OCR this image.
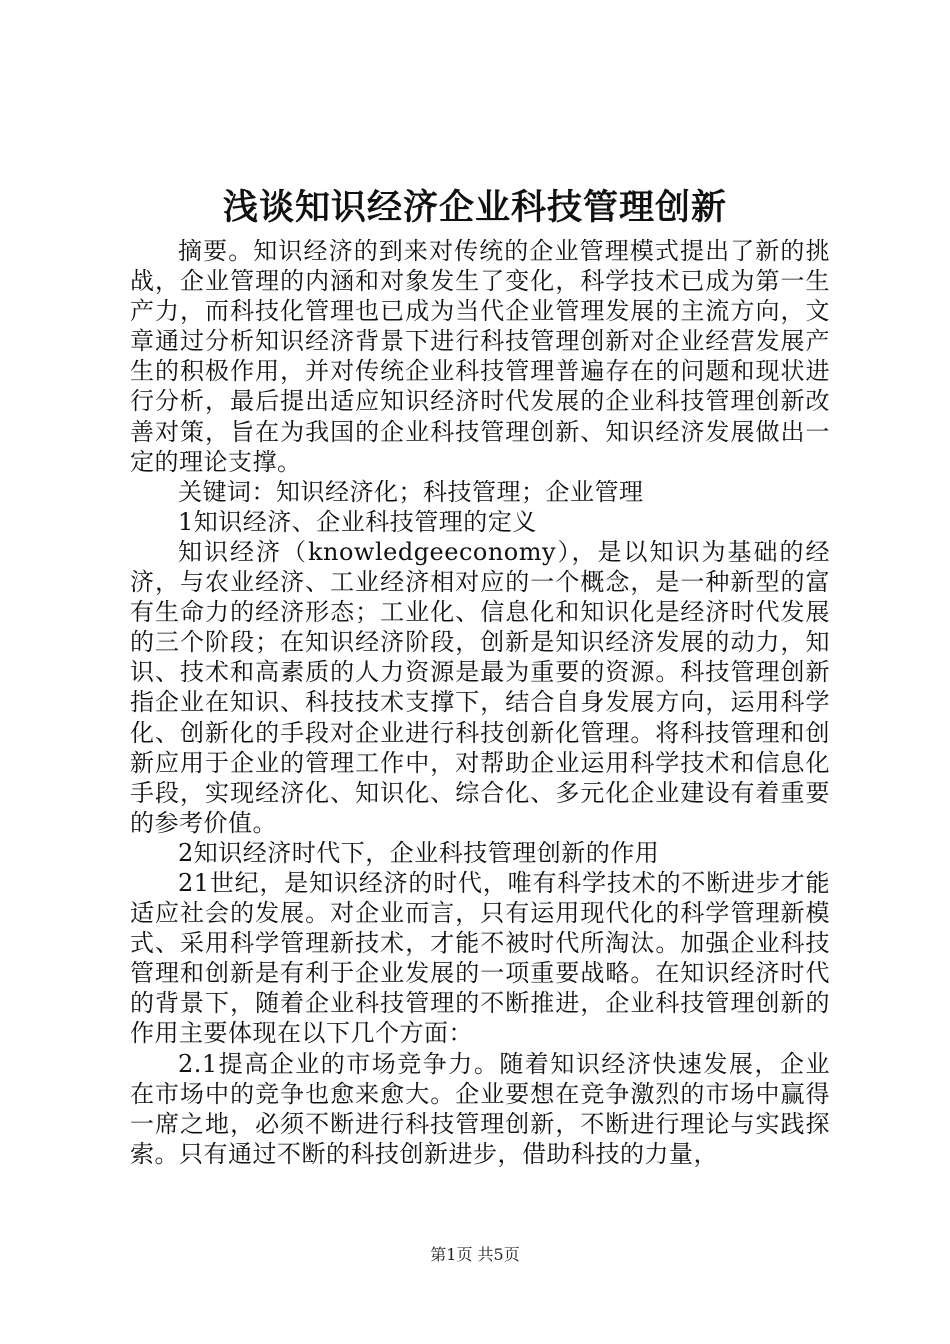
浅谈知识经济企业科技管理创新

摘要。知识经济的到来对传统的企业管理模式提出了新的挑战，企业管理的内涵和对象发生了变化，科学技术已成为第一生产力，而科技化管理也已成为当代企业管理发展的主流方向，文章通过分析知识经济背景下进行科技管理创新对企业经营发展产生的积极作用，并对传统企业科技管理普遍存在的问题和现状进行分析，最后提出适应知识经济时代发展的企业科技管理创新改善对策，旨在为我国的企业科技管理创新、知识经济发展做出一定的理论支撑。

关键词：知识经济化；科技管理；企业管理

1知识经济、企业科技管理的定义

知识经济（knowledgeeconomy），是以知识为基础的经济，与农业经济、工业经济相对应的一个概念，是一种新型的富有生命力的经济形态；工业化、信息化和知识化是经济时代发展的三个阶段；在知识经济阶段，创新是知识经济发展的动力，知识、技术和高素质的人力资源是最为重要的资源。科技管理创新指企业在知识、科技技术支撑下，结合自身发展方向，运用科学化、创新化的手段对企业进行科技创新化管理。将科技管理和创新应用于企业的管理工作中，对帮助企业运用科学技术和信息化手段，实现经济化、知识化、综合化、多元化企业建设有着重要的参考价值。

2知识经济时代下，企业科技管理创新的作用

21世纪，是知识经济的时代，唯有科学技术的不断进步才能适应社会的发展。对企业而言，只有运用现代化的科学管理新模式、采用科学管理新技术，才能不被时代所淘汰。加强企业科技管理和创新是有利于企业发展的一项重要战略。在知识经济时代的背景下，随着企业科技管理的不断推进，企业科技管理创新的作用主要体现在以下几个方面：

2.1提高企业的市场竞争力。随着知识经济快速发展，企业在市场中的竞争也愈来愈大。企业要想在竞争激烈的市场中赢得一席之地，必须不断进行科技管理创新，不断进行理论与实践探索。只有通过不断的科技创新进步，借助科技的力量，

第1页 共5页
